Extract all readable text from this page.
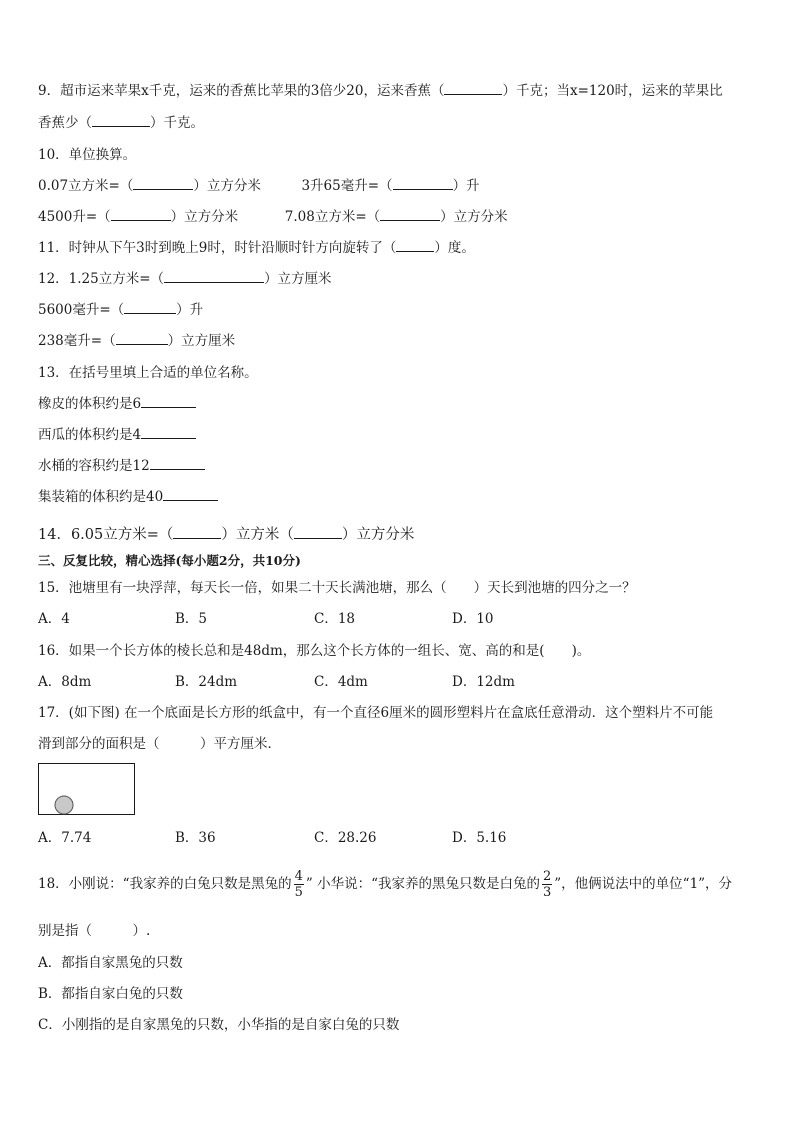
9．超市运来苹果x千克，运来的香蕉比苹果的3倍少20，运来香蕉（	）千克；当x=120时，运来的苹果比
香蕉少（	）千克。
10．单位换算。
0.07立方米=（	）立方分米	3升65毫升=（	）升
4500升=（	）立方分米	7.08立方米=（	）立方分米
11．时钟从下午3时到晚上9时，时针沿顺时针方向旋转了（	）度。
12．1.25立方米=（	）立方厘米
5600毫升=（	）升
238毫升=（	）立方厘米
13．在括号里填上合适的单位名称。
橡皮的体积约是6
西瓜的体积约是4
水桶的容积约是12
集装箱的体积约是40
14．6.05立方米=（	）立方米（	）立方分米
三、反复比较，精心选择(每小题2分，共10分)
15．池塘里有一块浮萍，每天长一倍，如果二十天长满池塘，那么（　　）天长到池塘的四分之一？
A．4	B．5	C．18	D．10
16．如果一个长方体的棱长总和是48dm，那么这个长方体的一组长、宽、高的和是(　　)。
A．8dm	B．24dm	C．4dm	D．12dm
17．(如下图) 在一个底面是长方形的纸盒中，有一个直径6厘米的圆形塑料片在盒底任意滑动．这个塑料片不可能
滑到部分的面积是（　　　）平方厘米．
A．7.74	B．36	C．28.26	D．5.16
18．小刚说：“我家养的白兔只数是黑兔的 $\frac{4}{5}$ ” 小华说：“我家养的黑兔只数是白兔的 $\frac{2}{3}$ ”，他俩说法中的单位“1”，分
别是指（　　　）.
A．都指自家黑兔的只数
B．都指自家白兔的只数
C．小刚指的是自家黑兔的只数，小华指的是自家白兔的只数
